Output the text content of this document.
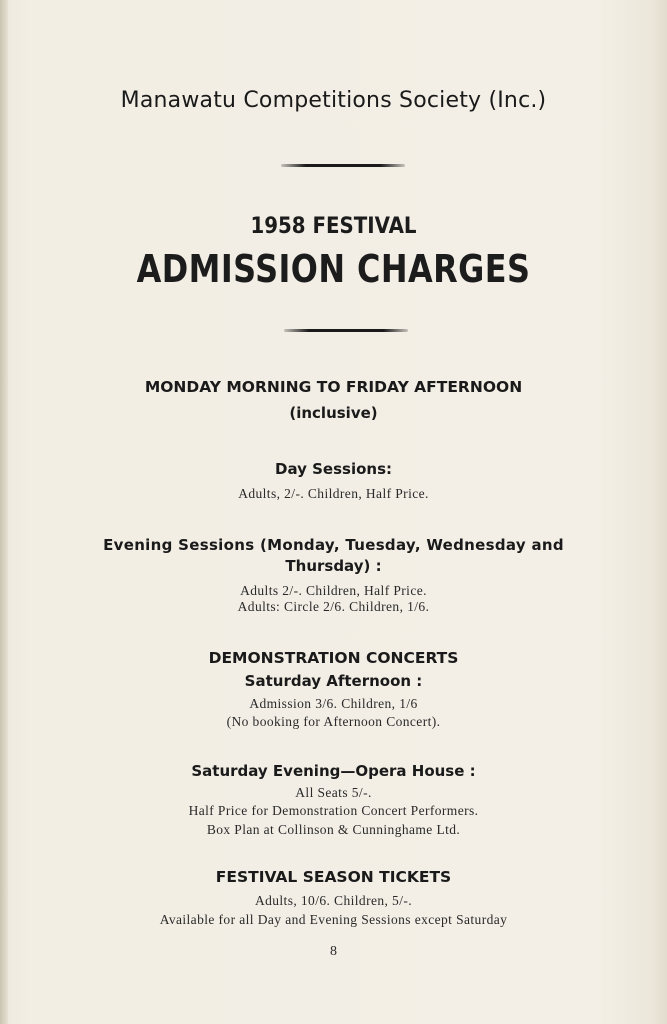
Manawatu Competitions Society (Inc.)
1958 FESTIVAL
ADMISSION CHARGES
MONDAY MORNING TO FRIDAY AFTERNOON
(inclusive)
Day Sessions:
Adults, 2/-. Children, Half Price.
Evening Sessions (Monday, Tuesday, Wednesday and
Thursday) :
Adults 2/-. Children, Half Price.
Adults: Circle 2/6. Children, 1/6.
DEMONSTRATION CONCERTS
Saturday Afternoon :
Admission 3/6. Children, 1/6
(No booking for Afternoon Concert).
Saturday Evening—Opera House :
All Seats 5/-.
Half Price for Demonstration Concert Performers.
Box Plan at Collinson & Cunninghame Ltd.
FESTIVAL SEASON TICKETS
Adults, 10/6. Children, 5/-.
Available for all Day and Evening Sessions except Saturday
8
